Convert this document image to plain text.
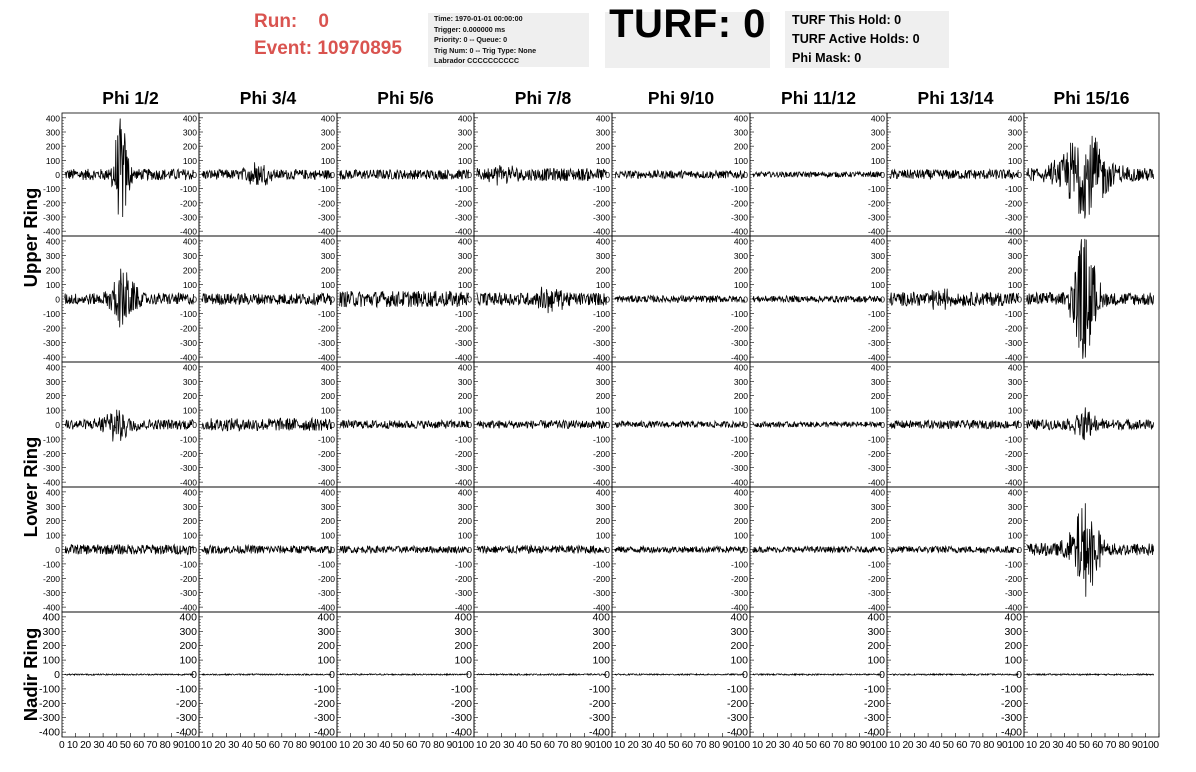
Run: 0
Event: 10970895
Time: 1970-01-01 00:00:00
Trigger: 0.000000 ms
Priority: 0 -- Queue: 0
Trig Num: 0 -- Trig Type: None
Labrador CCCCCCCCCC
TURF: 0	TURF This Hold: 0
TURF Active Holds: 0
Phi Mask: 0
Phi 1/2	Phi 3/4	Phi 5/6	Phi 7/8	Phi 9/10	Phi 11/12	Phi 13/14	Phi 15/16
Upper Ring
Lower Ring
Nadir Ring
-400
-300
-200
-100
0
100
200
300
400
-400
-300
-200
-100
0
100
200
300
400
-400
-300
-200
-100
0
100
200
300
400
-400
-300
-200
-100
0
100
200
300
400
-400
-300
-200
-100
0
100
200
300
400
-400
-300
-200
-100
0
100
200
300
400
-400
-300
-200
-100
0
100
200
300
400
-400
-300
-200
-100
0
100
200
300
400
-400
-300
-200
-100
0
100
200
300
400
-400
-300
-200
-100
0
100
200
300
400
-400
-300
-200
-100
0
100
200
300
400
-400
-300
-200
-100
0
100
200
300
400
-400
-300
-200
-100
0
100
200
300
400
-400
-300
-200
-100
0
100
200
300
400
-400
-300
-200
-100
0
100
200
300
400
-400
-300
-200
-100
0
100
200
300
400
-400
-300
-200
-100
0
100
200
300
400
-400
-300
-200
-100
0
100
200
300
400
-400
-300
-200
-100
0
100
200
300
400
-400
-300
-200
-100
0
100
200
300
400
-400
-300
-200
-100
0
100
200
300
400
-400
-300
-200
-100
0
100
200
300
400
-400
-300
-200
-100
0
100
200
300
400
-400
-300
-200
-100
0
100
200
300
400
-400
-300
-200
-100
0
100
200
300
400
-400
-300
-200
-100
0
100
200
300
400
-400
-300
-200
-100
0
100
200
300
400
-400
-300
-200
-100
0
100
200
300
400
-400
-300
-200
-100
0
100
200
300
400
-400
-300
-200
-100
0
100
200
300
400
-400
-300
-200
-100
0
100
200
300
400
-400
-300
-200
-100
0
100
200
300
400
-400
-300
-200
-100
0
100
200
300
400
-400
-300
-200
-100
0
100
200
300
400
-400
-300
-200
-100
0
100
200
300
400
-400
-300
-200
-100
0
100
200
300
400
-400
-300
-200
-100
0
100
200
300
400
-400
-300
-200
-100
0
100
200
300
400
-400
-300
-200
-100
0
100
200
300
400
-400
-300
-200
-100
0
100
200
300
400
0 10 20 30 40 50 60 70 80 90100 10 20 30 40 50 60 70 80 90100 10 20 30 40 50 60 70 80 90100 10 20 30 40 50 60 70 80 90100 10 20 30 40 50 60 70 80 90100 10 20 30 40 50 60 70 80 90100 10 20 30 40 50 60 70 80 90100 10 20 30 40 50 60 70 80 90100
